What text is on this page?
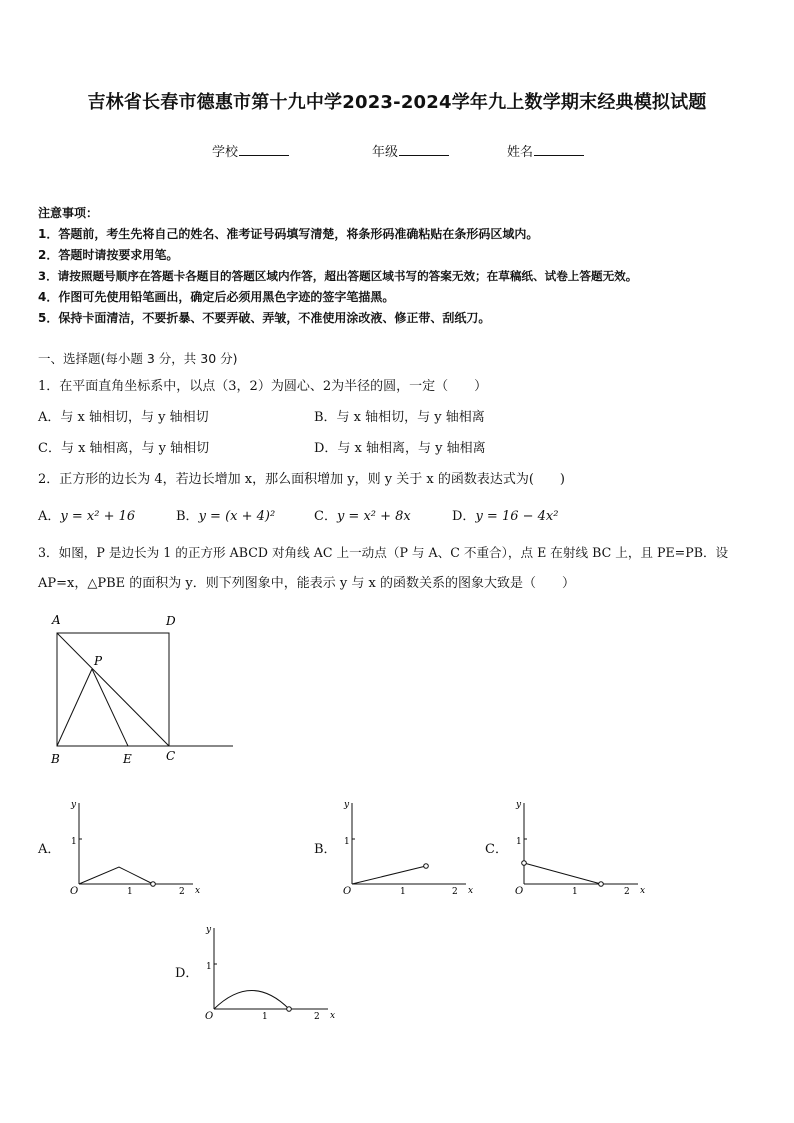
吉林省长春市德惠市第十九中学2023-2024学年九上数学期末经典模拟试题
学校	年级	姓名
注意事项：
1．答题前，考生先将自己的姓名、准考证号码填写清楚，将条形码准确粘贴在条形码区域内。
2．答题时请按要求用笔。
3．请按照题号顺序在答题卡各题目的答题区域内作答，超出答题区域书写的答案无效；在草稿纸、试卷上答题无效。
4．作图可先使用铅笔画出，确定后必须用黑色字迹的签字笔描黑。
5．保持卡面清洁，不要折暴、不要弄破、弄皱，不准使用涂改液、修正带、刮纸刀。
一、选择题(每小题 3 分，共 30 分)
1．在平面直角坐标系中，以点（3，2）为圆心、2为半径的圆，一定（　　）
A．与 x 轴相切，与 y 轴相切	B．与 x 轴相切，与 y 轴相离
C．与 x 轴相离，与 y 轴相切	D．与 x 轴相离，与 y 轴相离
2．正方形的边长为 4，若边长增加 x，那么面积增加 y，则 y 关于 x 的函数表达式为(　　)
A．y = x² + 16	B．y = (x + 4)²	C．y = x² + 8x	D．y = 16 − 4x²
3．如图，P 是边长为 1 的正方形 ABCD 对角线 AC 上一动点（P 与 A、C 不重合），点 E 在射线 BC 上，且 PE=PB．设
AP=x，△PBE 的面积为 y．则下列图象中，能表示 y 与 x 的函数关系的图象大致是（　　）
A	D
P
B	E	C
A．
y
x
O	1	2
1	B．
y
x
O	1	2
1	C．
y
x
O	1	2
1
D．
y
x
O	1	2
1
